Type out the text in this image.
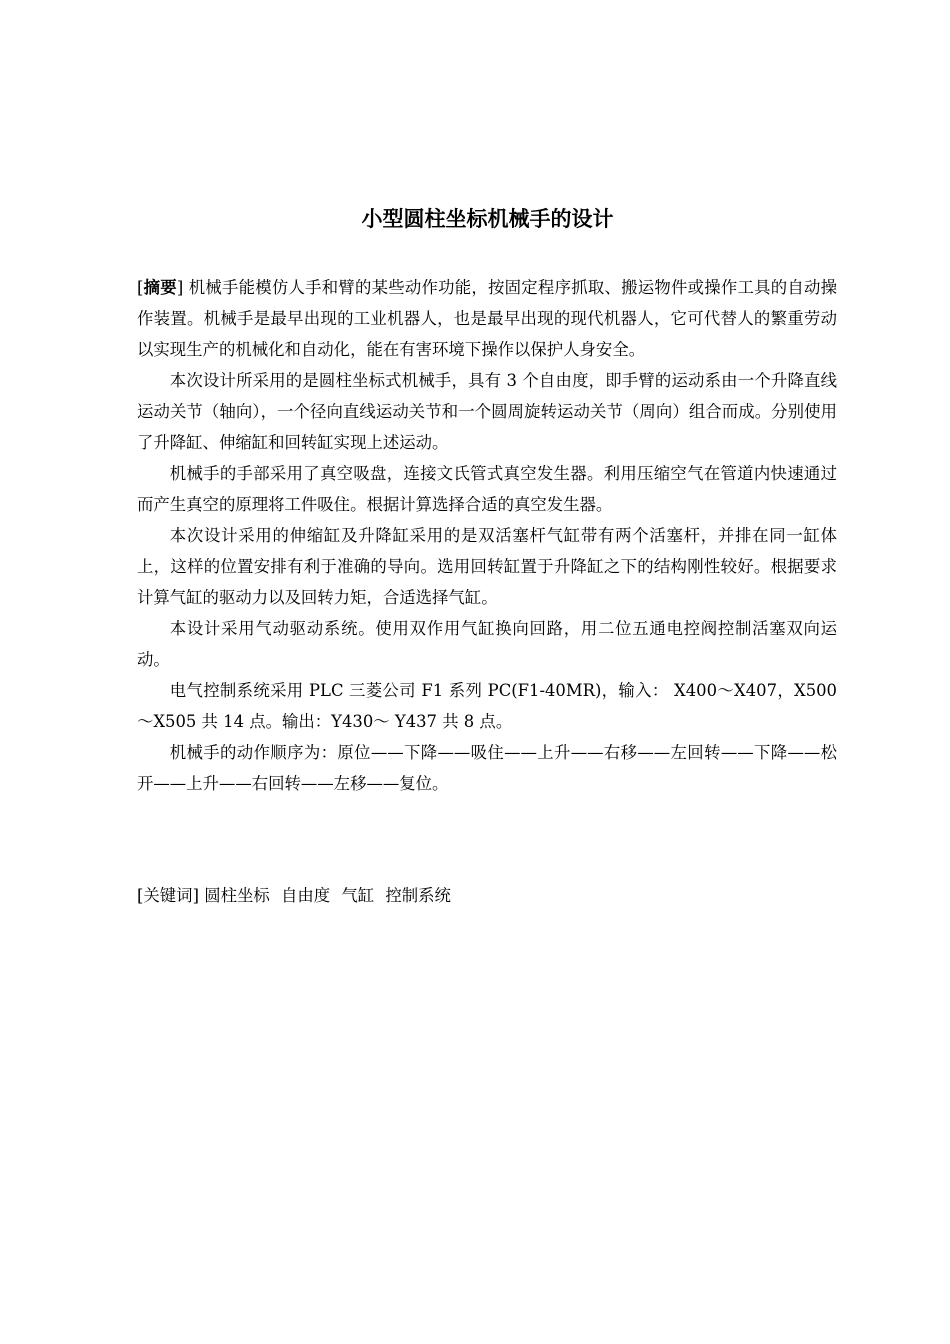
小型圆柱坐标机械手的设计

[摘要] 机械手能模仿人手和臂的某些动作功能，按固定程序抓取、搬运物件或操作工具的自动操作装置。机械手是最早出现的工业机器人，也是最早出现的现代机器人，它可代替人的繁重劳动以实现生产的机械化和自动化，能在有害环境下操作以保护人身安全。

本次设计所采用的是圆柱坐标式机械手，具有 3 个自由度，即手臂的运动系由一个升降直线运动关节（轴向），一个径向直线运动关节和一个圆周旋转运动关节（周向）组合而成。分别使用了升降缸、伸缩缸和回转缸实现上述运动。

机械手的手部采用了真空吸盘，连接文氏管式真空发生器。利用压缩空气在管道内快速通过而产生真空的原理将工件吸住。根据计算选择合适的真空发生器。

本次设计采用的伸缩缸及升降缸采用的是双活塞杆气缸带有两个活塞杆，并排在同一缸体上，这样的位置安排有利于准确的导向。选用回转缸置于升降缸之下的结构刚性较好。根据要求计算气缸的驱动力以及回转力矩，合适选择气缸。

本设计采用气动驱动系统。使用双作用气缸换向回路，用二位五通电控阀控制活塞双向运动。

电气控制系统采用 PLC 三菱公司 F1 系列 PC(F1-40MR)，输入： X400～X407，X500～X505 共 14 点。输出：Y430～ Y437 共 8 点。

机械手的动作顺序为：原位——下降——吸住——上升——右移——左回转——下降——松开——上升——右回转——左移——复位。

[关键词] 圆柱坐标 自由度 气缸 控制系统
